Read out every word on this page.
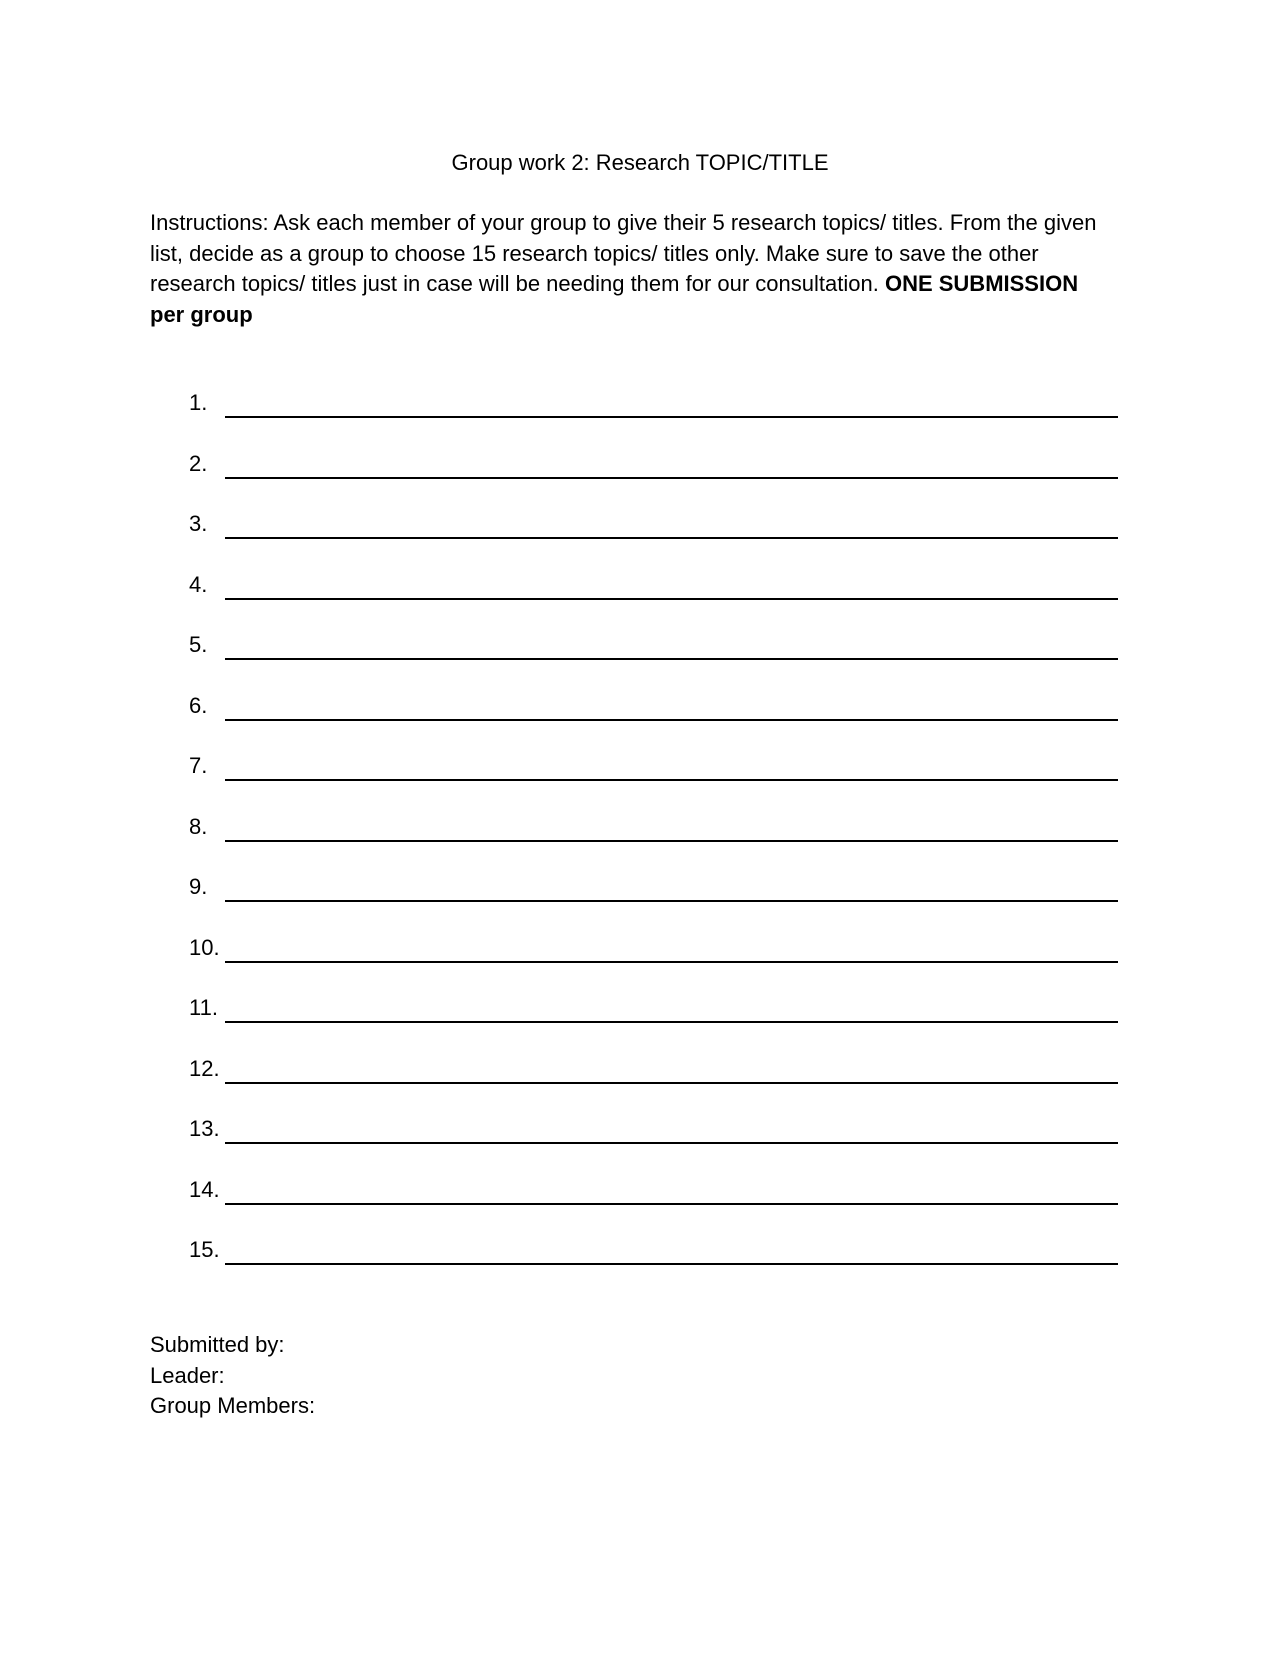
Group work 2: Research TOPIC/TITLE
Instructions: Ask each member of your group to give their 5 research topics/ titles. From the given list, decide as a group to choose 15 research topics/ titles only. Make sure to save the other research topics/ titles just in case will be needing them for our consultation. ONE SUBMISSION per group
1.
2.
3.
4.
5.
6.
7.
8.
9.
10.
11.
12.
13.
14.
15.
Submitted by:
Leader:
Group Members:
